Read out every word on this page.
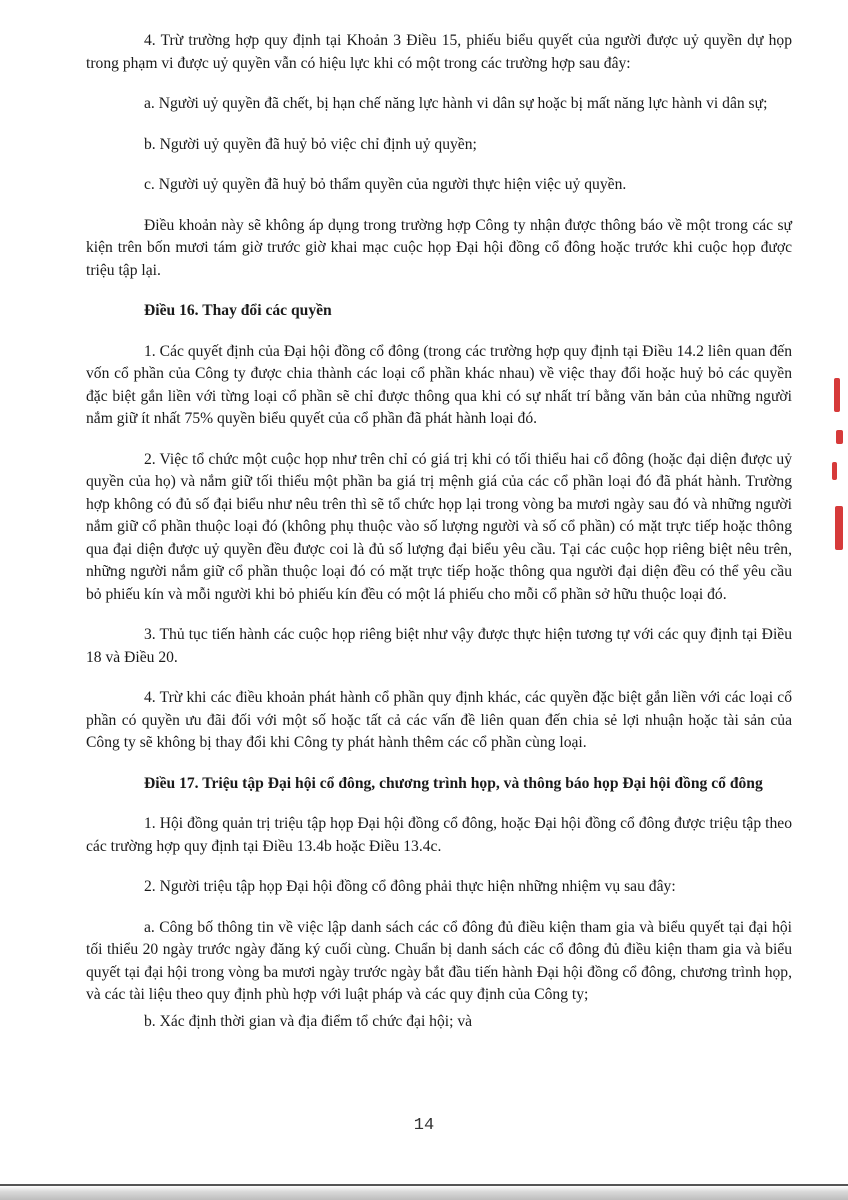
4. Trừ trường hợp quy định tại Khoản 3 Điều 15, phiếu biểu quyết của người được uỷ quyền dự họp trong phạm vi được uỷ quyền vẫn có hiệu lực khi có một trong các trường hợp sau đây:

a. Người uỷ quyền đã chết, bị hạn chế năng lực hành vi dân sự hoặc bị mất năng lực hành vi dân sự;

b. Người uỷ quyền đã huỷ bỏ việc chỉ định uỷ quyền;

c. Người uỷ quyền đã huỷ bỏ thẩm quyền của người thực hiện việc uỷ quyền.

Điều khoản này sẽ không áp dụng trong trường hợp Công ty nhận được thông báo về một trong các sự kiện trên bốn mươi tám giờ trước giờ khai mạc cuộc họp Đại hội đồng cổ đông hoặc trước khi cuộc họp được triệu tập lại.

Điều 16. Thay đổi các quyền

1. Các quyết định của Đại hội đồng cổ đông (trong các trường hợp quy định tại Điều 14.2 liên quan đến vốn cổ phần của Công ty được chia thành các loại cổ phần khác nhau) về việc thay đổi hoặc huỷ bỏ các quyền đặc biệt gắn liền với từng loại cổ phần sẽ chỉ được thông qua khi có sự nhất trí bằng văn bản của những người nắm giữ ít nhất 75% quyền biểu quyết của cổ phần đã phát hành loại đó.

2. Việc tổ chức một cuộc họp như trên chỉ có giá trị khi có tối thiểu hai cổ đông (hoặc đại diện được uỷ quyền của họ) và nắm giữ tối thiểu một phần ba giá trị mệnh giá của các cổ phần loại đó đã phát hành. Trường hợp không có đủ số đại biểu như nêu trên thì sẽ tổ chức họp lại trong vòng ba mươi ngày sau đó và những người nắm giữ cổ phần thuộc loại đó (không phụ thuộc vào số lượng người và số cổ phần) có mặt trực tiếp hoặc thông qua đại diện được uỷ quyền đều được coi là đủ số lượng đại biểu yêu cầu. Tại các cuộc họp riêng biệt nêu trên, những người nắm giữ cổ phần thuộc loại đó có mặt trực tiếp hoặc thông qua người đại diện đều có thể yêu cầu bỏ phiếu kín và mỗi người khi bỏ phiếu kín đều có một lá phiếu cho mỗi cổ phần sở hữu thuộc loại đó.

3. Thủ tục tiến hành các cuộc họp riêng biệt như vậy được thực hiện tương tự với các quy định tại Điều 18 và Điều 20.

4. Trừ khi các điều khoản phát hành cổ phần quy định khác, các quyền đặc biệt gắn liền với các loại cổ phần có quyền ưu đãi đối với một số hoặc tất cả các vấn đề liên quan đến chia sẻ lợi nhuận hoặc tài sản của Công ty sẽ không bị thay đổi khi Công ty phát hành thêm các cổ phần cùng loại.

Điều 17. Triệu tập Đại hội cổ đông, chương trình họp, và thông báo họp Đại hội đồng cổ đông

1. Hội đồng quản trị triệu tập họp Đại hội đồng cổ đông, hoặc Đại hội đồng cổ đông được triệu tập theo các trường hợp quy định tại Điều 13.4b hoặc Điều 13.4c.

2. Người triệu tập họp Đại hội đồng cổ đông phải thực hiện những nhiệm vụ sau đây:

a. Công bố thông tin về việc lập danh sách các cổ đông đủ điều kiện tham gia và biểu quyết tại đại hội tối thiểu 20 ngày trước ngày đăng ký cuối cùng. Chuẩn bị danh sách các cổ đông đủ điều kiện tham gia và biểu quyết tại đại hội trong vòng ba mươi ngày trước ngày bắt đầu tiến hành Đại hội đồng cổ đông, chương trình họp, và các tài liệu theo quy định phù hợp với luật pháp và các quy định của Công ty;

b. Xác định thời gian và địa điểm tổ chức đại hội; và

14
